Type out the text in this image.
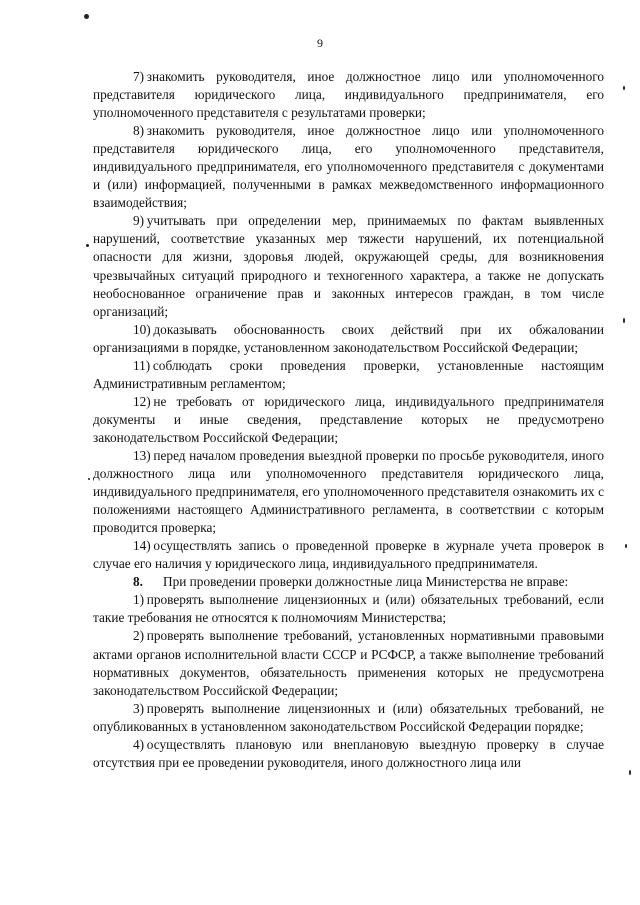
9

7)  знакомить руководителя, иное должностное лицо или уполномоченного представителя юридического лица, индивидуального предпринимателя, его уполномоченного представителя с результатами проверки;

8)  знакомить руководителя, иное должностное лицо или уполномоченного представителя юридического лица, его уполномоченного представителя, индивидуального предпринимателя, его уполномоченного представителя с документами и (или) информацией, полученными в рамках межведомственного информационного взаимодействия;

9)  учитывать при определении мер, принимаемых по фактам выявленных нарушений, соответствие указанных мер тяжести нарушений, их потенциальной опасности для жизни, здоровья людей, окружающей среды, для возникновения чрезвычайных ситуаций природного и техногенного характера, а также не допускать необоснованное ограничение прав и законных интересов граждан, в том числе организаций;

10)  доказывать обоснованность своих действий при их обжаловании организациями в порядке, установленном законодательством Российской Федерации;

11)  соблюдать сроки проведения проверки, установленные настоящим Административным регламентом;

12)  не требовать от юридического лица, индивидуального предпринимателя документы и иные сведения, представление которых не предусмотрено законодательством Российской Федерации;

13)  перед началом проведения выездной проверки по просьбе руководителя, иного должностного лица или уполномоченного представителя юридического лица, индивидуального предпринимателя, его уполномоченного представителя ознакомить их с положениями настоящего Административного регламента, в соответствии с которым проводится проверка;

14)  осуществлять запись о проведенной проверке в журнале учета проверок в случае его наличия у юридического лица, индивидуального предпринимателя.

8. При проведении проверки должностные лица Министерства не вправе:

1)  проверять выполнение лицензионных и (или) обязательных требований, если такие требования не относятся к полномочиям Министерства;

2)  проверять выполнение требований, установленных нормативными правовыми актами органов исполнительной власти СССР и РСФСР, а также выполнение требований нормативных документов, обязательность применения которых не предусмотрена законодательством Российской Федерации;

3)  проверять выполнение лицензионных и (или) обязательных требований, не опубликованных в установленном законодательством Российской Федерации порядке;

4)  осуществлять плановую или внеплановую выездную проверку в случае отсутствия при ее проведении руководителя, иного должностного лица или
